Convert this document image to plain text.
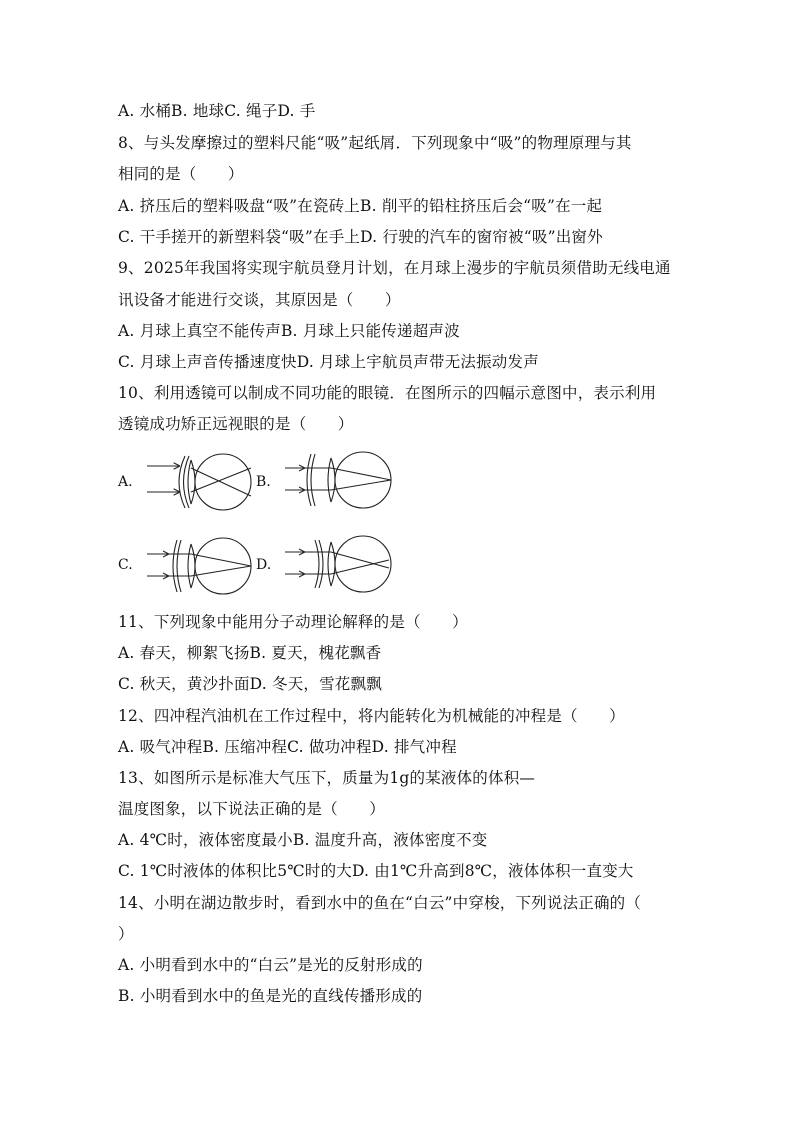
A. 水桶B. 地球C. 绳子D. 手
8、与头发摩擦过的塑料尺能“吸”起纸屑．下列现象中“吸”的物理原理与其
相同的是（　　）
A. 挤压后的塑料吸盘“吸”在瓷砖上B. 削平的铅柱挤压后会“吸”在一起
C. 干手搓开的新塑料袋“吸”在手上D. 行驶的汽车的窗帘被“吸”出窗外
9、2025年我国将实现宇航员登月计划，在月球上漫步的宇航员须借助无线电通
讯设备才能进行交谈，其原因是（　　）
A. 月球上真空不能传声B. 月球上只能传递超声波
C. 月球上声音传播速度快D. 月球上宇航员声带无法振动发声
10、利用透镜可以制成不同功能的眼镜．在图所示的四幅示意图中，表示利用
透镜成功矫正远视眼的是（　　）
A.	B.
C.	D.
11、下列现象中能用分子动理论解释的是（　　）
A. 春天，柳絮飞扬B. 夏天，槐花飘香
C. 秋天，黄沙扑面D. 冬天，雪花飘飘
12、四冲程汽油机在工作过程中，将内能转化为机械能的冲程是（　　）
A. 吸气冲程B. 压缩冲程C. 做功冲程D. 排气冲程
13、如图所示是标准大气压下，质量为1g的某液体的体积—
温度图象，以下说法正确的是（　　）
A. 4℃时，液体密度最小B. 温度升高，液体密度不变
C. 1℃时液体的体积比5℃时的大D. 由1℃升高到8℃，液体体积一直变大
14、小明在湖边散步时，看到水中的鱼在“白云”中穿梭，下列说法正确的（
）
A. 小明看到水中的“白云”是光的反射形成的
B. 小明看到水中的鱼是光的直线传播形成的
